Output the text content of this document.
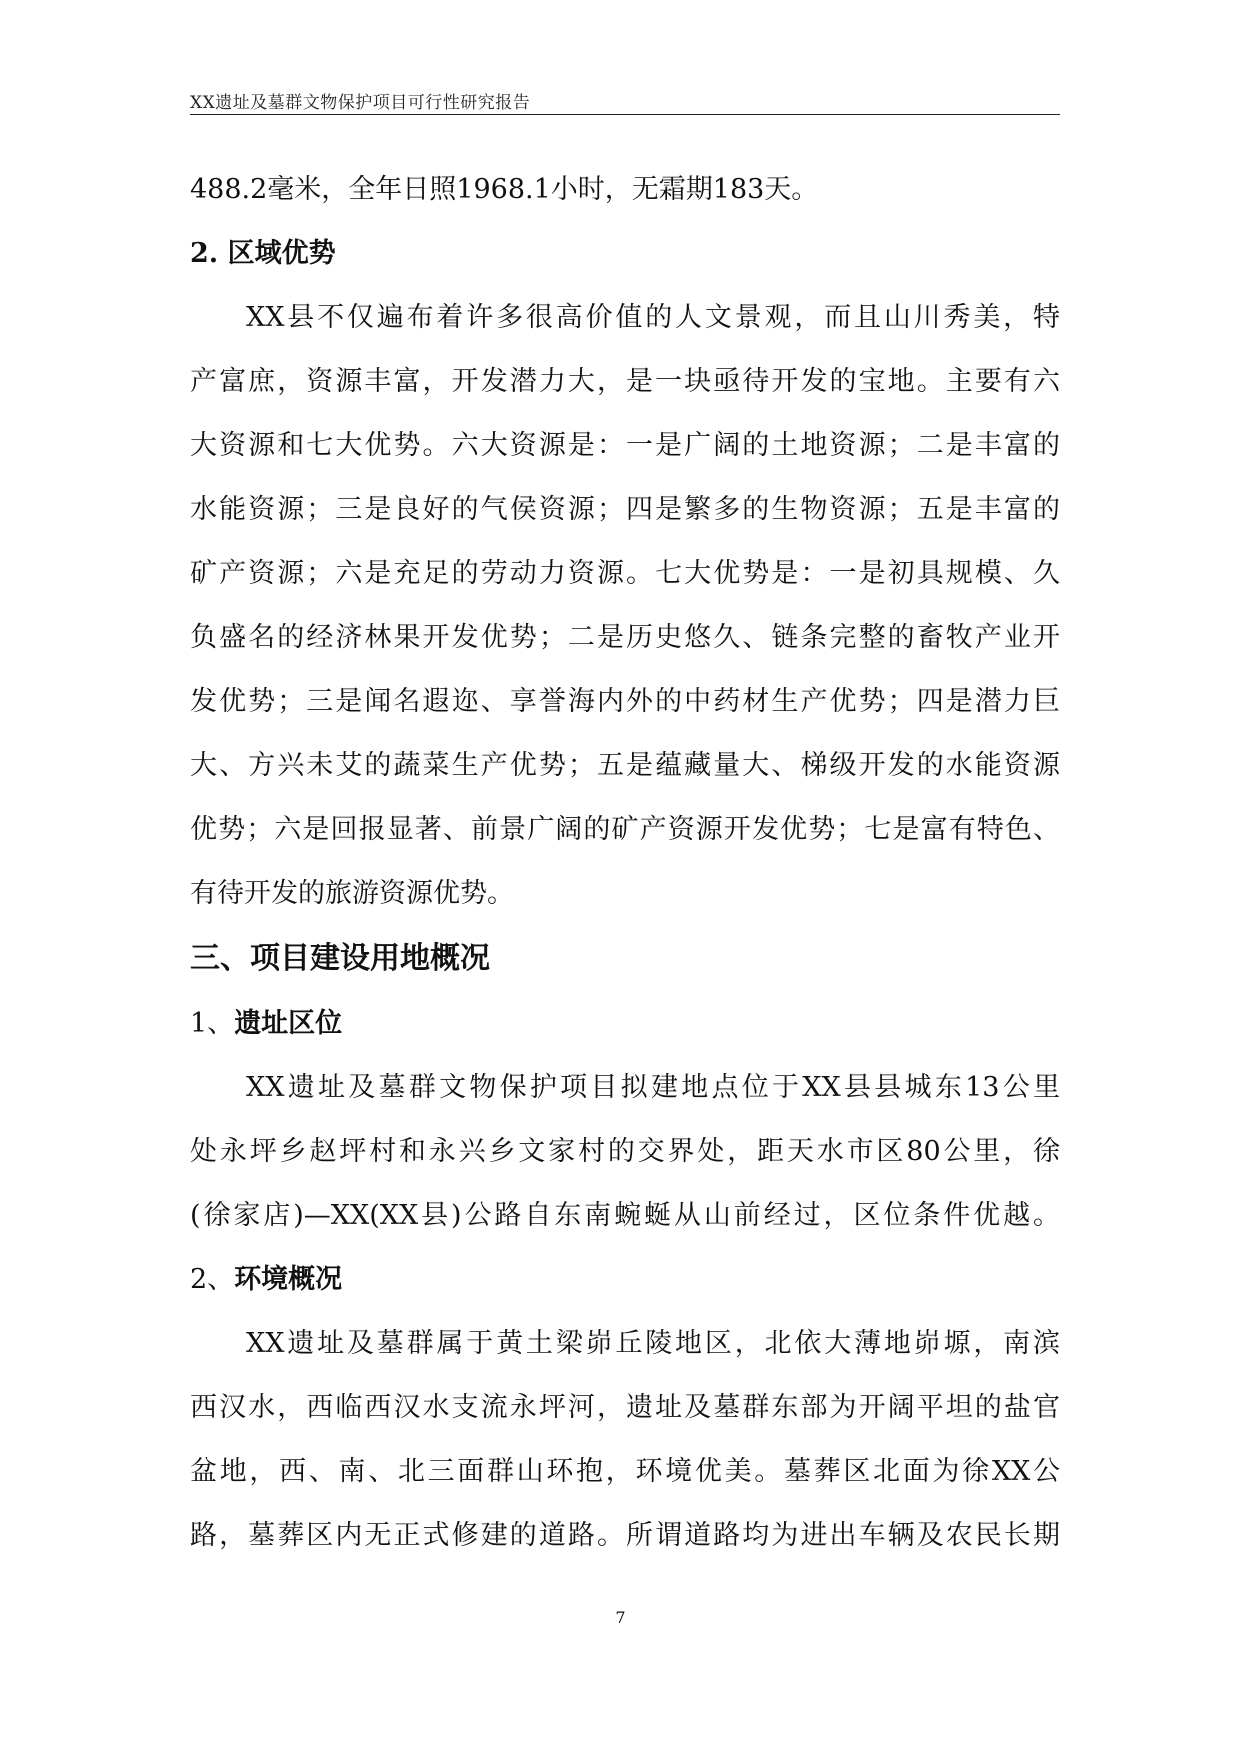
XX遗址及墓群文物保护项目可行性研究报告
488.2毫米，全年日照1968.1小时，无霜期183天。
2. 区域优势
XX县不仅遍布着许多很高价值的人文景观，而且山川秀美，特
产富庶，资源丰富，开发潜力大，是一块亟待开发的宝地。主要有六
大资源和七大优势。六大资源是：一是广阔的土地资源；二是丰富的
水能资源；三是良好的气侯资源；四是繁多的生物资源；五是丰富的
矿产资源；六是充足的劳动力资源。七大优势是：一是初具规模、久
负盛名的经济林果开发优势；二是历史悠久、链条完整的畜牧产业开
发优势；三是闻名遐迩、享誉海内外的中药材生产优势；四是潜力巨
大、方兴未艾的蔬菜生产优势；五是蕴藏量大、梯级开发的水能资源
优势；六是回报显著、前景广阔的矿产资源开发优势；七是富有特色、
有待开发的旅游资源优势。
三、项目建设用地概况
1、遗址区位
XX遗址及墓群文物保护项目拟建地点位于XX县县城东13公里
处永坪乡赵坪村和永兴乡文家村的交界处，距天水市区80公里，徐
(徐家店)—XX(XX县)公路自东南蜿蜒从山前经过，区位条件优越。
2、环境概况
XX遗址及墓群属于黄土梁峁丘陵地区，北依大薄地峁塬，南滨
西汉水，西临西汉水支流永坪河，遗址及墓群东部为开阔平坦的盐官
盆地，西、南、北三面群山环抱，环境优美。墓葬区北面为徐XX公
路，墓葬区内无正式修建的道路。所谓道路均为进出车辆及农民长期
7
